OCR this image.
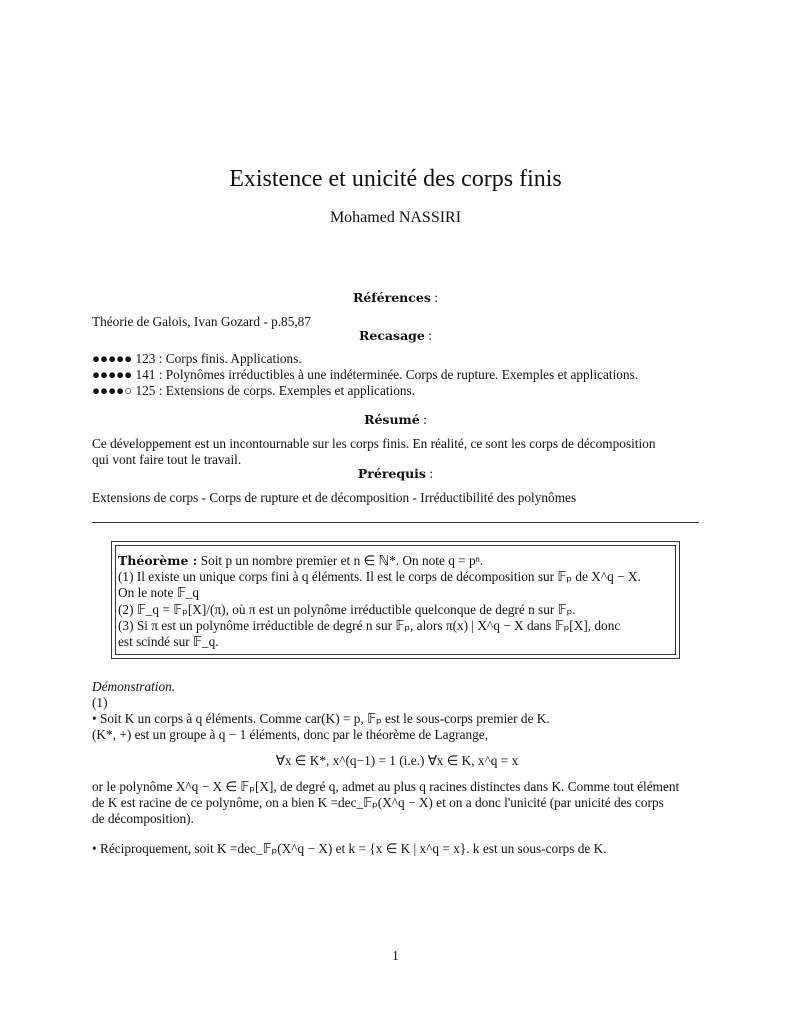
Existence et unicité des corps finis
Mohamed NASSIRI
Références :
Théorie de Galois, Ivan Gozard - p.85,87
Recasage :
●●●●● 123 : Corps finis. Applications.
●●●●● 141 : Polynômes irréductibles à une indéterminée. Corps de rupture. Exemples et applications.
●●●●○ 125 : Extensions de corps. Exemples et applications.
Résumé :
Ce développement est un incontournable sur les corps finis. En réalité, ce sont les corps de décomposition
qui vont faire tout le travail.
Prérequis :
Extensions de corps - Corps de rupture et de décomposition - Irréductibilité des polynômes
Théorème : Soit p un nombre premier et n ∈ ℕ*. On note q = pⁿ.
(1) Il existe un unique corps fini à q éléments. Il est le corps de décomposition sur 𝔽ₚ de X^q − X.
On le note 𝔽_q
(2) 𝔽_q = 𝔽ₚ[X]/(π), où π est un polynôme irréductible quelconque de degré n sur 𝔽ₚ.
(3) Si π est un polynôme irréductible de degré n sur 𝔽ₚ, alors π(x) | X^q − X dans 𝔽ₚ[X], donc
est scindé sur 𝔽_q.
Démonstration.
(1)
• Soit K un corps à q éléments. Comme car(K) = p, 𝔽ₚ est le sous-corps premier de K.
(K*, +) est un groupe à q − 1 éléments, donc par le théorème de Lagrange,
∀x ∈ K*, x^(q−1) = 1 (i.e.) ∀x ∈ K, x^q = x
or le polynôme X^q − X ∈ 𝔽ₚ[X], de degré q, admet au plus q racines distinctes dans K. Comme tout élément
de K est racine de ce polynôme, on a bien K =dec_𝔽ₚ(X^q − X) et on a donc l'unicité (par unicité des corps
de décomposition).
• Réciproquement, soit K =dec_𝔽ₚ(X^q − X) et k = {x ∈ K | x^q = x}. k est un sous-corps de K.
1
